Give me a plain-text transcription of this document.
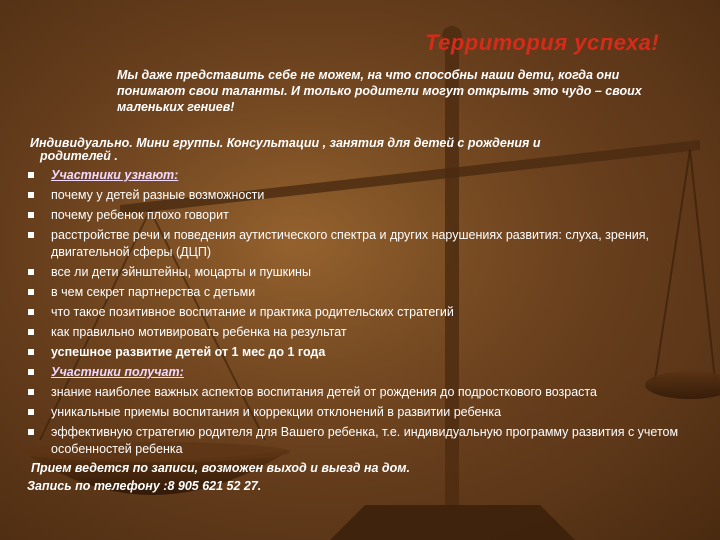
Территория успеха!
Мы даже представить себе не можем, на что способны наши дети, когда они понимают свои таланты. И только родители могут открыть это чудо – своих маленьких гениев!
Индивидуально. Мини группы. Консультации , занятия для детей с рождения и
родителей .
Участники узнают:
почему у детей разные возможности
почему ребенок плохо говорит
расстройстве речи и поведения аутистического спектра и других нарушениях развития: слуха, зрения, двигательной сферы (ДЦП)
все ли дети эйнштейны, моцарты и пушкины
в чем секрет партнерства с детьми
что такое позитивное воспитание и практика родительских стратегий
как правильно мотивировать ребенка на результат
успешное развитие детей от 1 мес до 1 года
Участники получат:
знание наиболее важных аспектов воспитания детей от рождения до подросткового возраста
уникальные приемы воспитания и коррекции отклонений в развитии ребенка
эффективную стратегию родителя для Вашего ребенка, т.е. индивидуальную программу развития с учетом особенностей ребенка
Прием ведется по записи, возможен выход и выезд на дом.
Запись по телефону :8 905 621 52 27.
